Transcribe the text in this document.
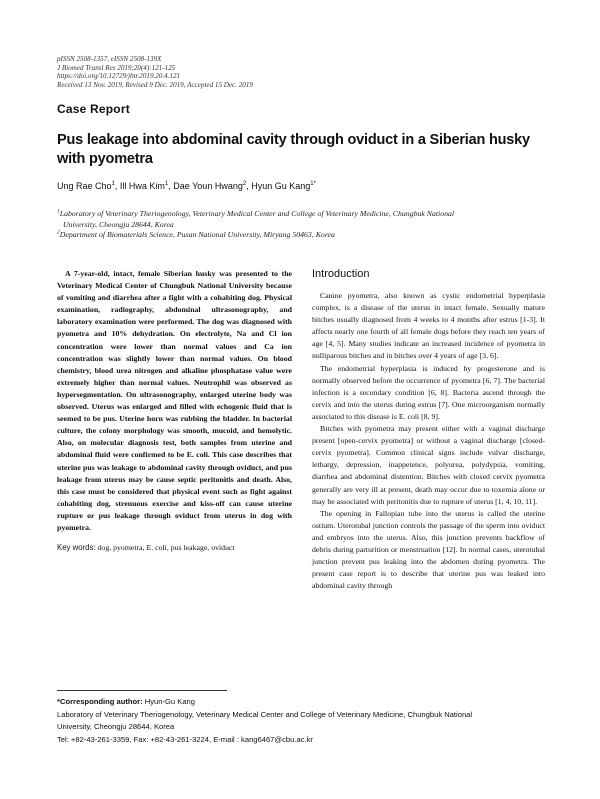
pISSN 2508-1357, eISSN 2508-139X
J Biomed Transl Res 2019;20(4):121-125
https://doi.org/10.12729/jbtr.2019.20.4.121
Received 13 Nov. 2019, Revised 9 Dec. 2019, Accepted 15 Dec. 2019
Case Report
Pus leakage into abdominal cavity through oviduct in a Siberian husky with pyometra
Ung Rae Cho$^1$, Ill Hwa Kim$^1$, Dae Youn Hwang$^2$, Hyun Gu Kang$^{1*}$
$^1$Laboratory of Veterinary Theriogenology, Veterinary Medical Center and College of Veterinary Medicine, Chungbuk National
University, Cheongju 28644, Korea
$^2$Department of Biomaterials Science, Pusan National University, Miryang 50463, Korea

A 7-year-old, intact, female Siberian husky was presented to the Veterinary Medical Center of Chungbuk National University because of vomiting and diarrhea after a fight with a cohabiting dog. Physical examination, radiography, abdominal ultrasonography, and laboratory examination were performed. The dog was diagnosed with pyometra and 10% dehydration. On electrolyte, Na and Cl ion concentration were lower than normal values and Ca ion concentration was slightly lower than normal values. On blood chemistry, blood urea nitrogen and alkaline phosphatase value were extremely higher than normal values. Neutrophil was observed as hypersegmentation. On ultrasonography, enlarged uterine body was observed. Uterus was enlarged and filled with echogenic fluid that is seemed to be pus. Uterine horn was rubbing the bladder. In bacterial culture, the colony morphology was smooth, mucoid, and hemolytic. Also, on molecular diagnosis test, both samples from uterine and abdominal fluid were confirmed to be E. coli. This case describes that uterine pus was leakage to abdominal cavity through oviduct, and pus leakage from uterus may be cause septic peritonitis and death. Also, this case must be considered that physical event such as fight against cohabiting dog, strenuous exercise and kiss-off can cause uterine rupture or pus leakage through oviduct from uterus in dog with pyometra.

Key words: dog, pyometra, E. coli, pus leakage, oviduct

Introduction

Canine pyometra, also known as cystic endometrial hyperplasia complex, is a disease of the uterus in intact female. Sexually mature bitches usually diagnosed from 4 weeks to 4 months after estrus [1-3]. It affects nearly one fourth of all female dogs before they reach ten years of age [4, 5]. Many studies indicate an increased incidence of pyometra in nulliparous bitches and in bitches over 4 years of age [3, 6].

The endometrial hyperplasia is induced by progesterone and is normally observed before the occurrence of pyometra [6, 7]. The bacterial infection is a secondary condition [6, 8]. Bacteria ascend through the cervix and into the uterus during estrus [7]. One microorganism normally associated to this disease is E. coli [8, 9].

Bitches with pyometra may present either with a vaginal discharge present [open-cervix pyometra] or without a vaginal discharge [closed-cervix pyometra]. Common clinical signs include vulvar discharge, lethargy, depression, inappetence, polyurea, polydypsia, vomiting, diarrhea and abdominal distention. Bitches with closed cervix pyometra generally are very ill at present, death may occur due to toxemia alone or may be associated with peritonitis due to rupture of uterus [1, 4, 10, 11].

The opening in Fallopian tube into the uterus is called the uterine ostium. Uterotubal junction controls the passage of the sperm into oviduct and embryos into the uterus. Also, this junction prevents backflow of debris during parturition or menstruation [12]. In normal cases, uterotubal junction prevent pus leaking into the abdomen during pyometra. The present case report is to describe that uterine pus was leaked into abdominal cavity through

*Corresponding author: Hyun-Gu Kang
Laboratory of Veterinary Theriogenology, Veterinary Medical Center and College of Veterinary Medicine, Chungbuk National
University, Cheongju 28644, Korea
Tel: +82-43-261-3359, Fax: +82-43-261-3224, E-mail : kang6467@cbu.ac.kr
